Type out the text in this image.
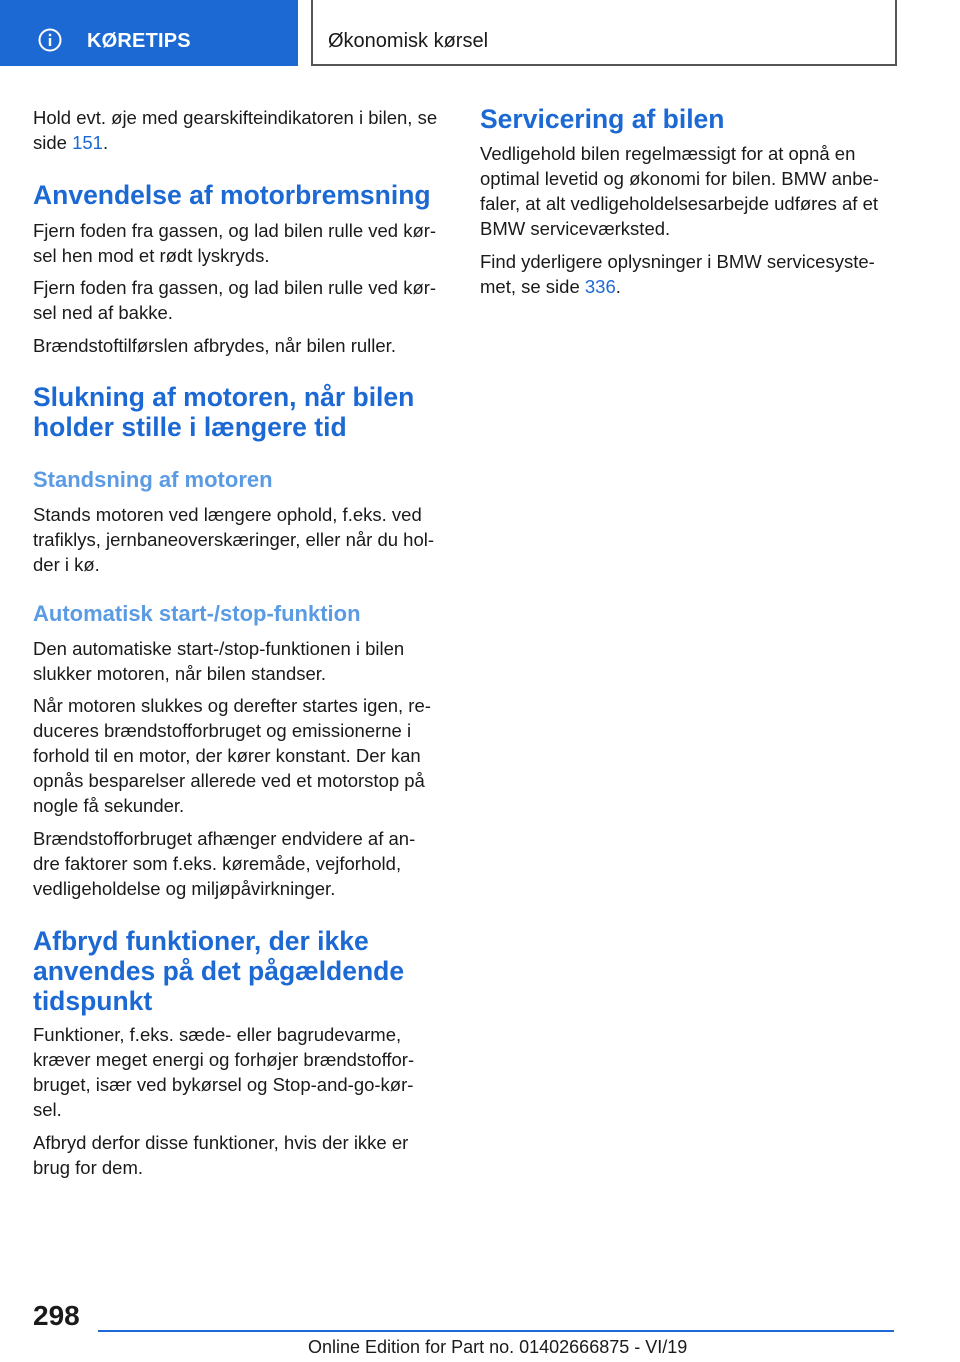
KØRETIPS	Økonomisk kørsel

Hold evt. øje med gearskifteindikatoren i bilen, se

side 151.

Anvendelse af motorbremsning

Fjern foden fra gassen, og lad bilen rulle ved kør-

sel hen mod et rødt lyskryds.

Fjern foden fra gassen, og lad bilen rulle ved kør-

sel ned af bakke.

Brændstoftilførslen afbrydes, når bilen ruller.

Slukning af motoren, når bilen
holder stille i længere tid
Standsning af motoren

Stands motoren ved længere ophold, f.eks. ved

trafiklys, jernbaneoverskæringer, eller når du hol-

der i kø.

Automatisk start-/stop-funktion

Den automatiske start-/stop-funktionen i bilen

slukker motoren, når bilen standser.

Når motoren slukkes og derefter startes igen, re-

duceres brændstofforbruget og emissionerne i

forhold til en motor, der kører konstant. Der kan

opnås besparelser allerede ved et motorstop på

nogle få sekunder.

Brændstofforbruget afhænger endvidere af an-

dre faktorer som f.eks. køremåde, vejforhold,

vedligeholdelse og miljøpåvirkninger.

Afbryd funktioner, der ikke
anvendes på det pågældende
tidspunkt

Funktioner, f.eks. sæde- eller bagrudevarme,

kræver meget energi og forhøjer brændstoffor-

bruget, især ved bykørsel og Stop-and-go-kør-

sel.

Afbryd derfor disse funktioner, hvis der ikke er

brug for dem.

Servicering af bilen

Vedligehold bilen regelmæssigt for at opnå en

optimal levetid og økonomi for bilen. BMW anbe-

faler, at alt vedligeholdelsesarbejde udføres af et

BMW serviceværksted.

Find yderligere oplysninger i BMW servicesyste-

met, se side 336.

298
Online Edition for Part no. 01402666875 - VI/19
